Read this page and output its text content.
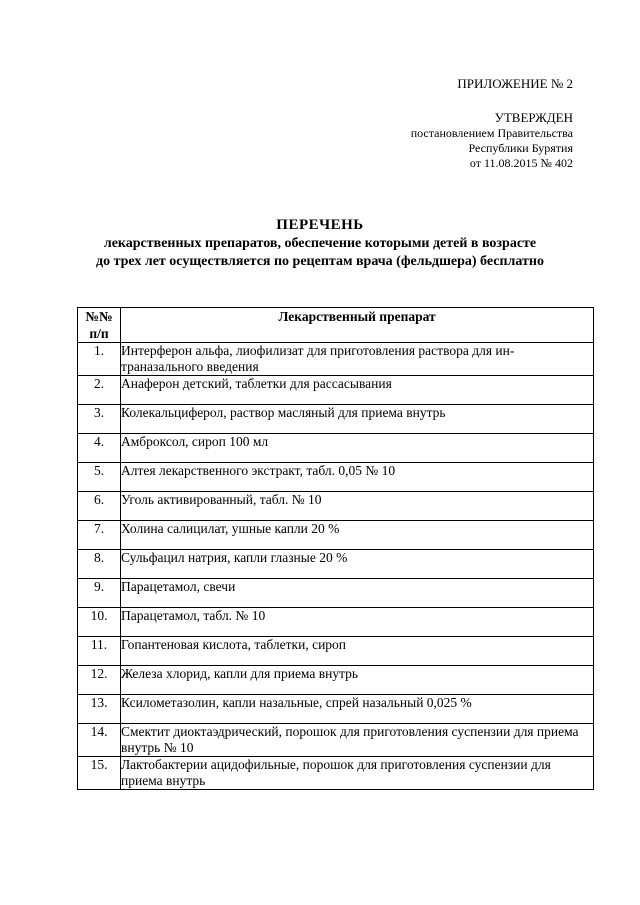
ПРИЛОЖЕНИЕ № 2
УТВЕРЖДЕН
постановлением Правительства
Республики Бурятия
от 11.08.2015 № 402
ПЕРЕЧЕНЬ
лекарственных препаратов, обеспечение которыми детей в возрасте
до трех лет осуществляется по рецептам врача (фельдшера) бесплатно
№№
п/п	Лекарственный препарат
1.	Интерферон альфа, лиофилизат для приготовления раствора для ин-траназального введения
2.	Анаферон детский, таблетки для рассасывания
3.	Колекальциферол, раствор масляный для приема внутрь
4.	Амброксол, сироп 100 мл
5.	Алтея лекарственного экстракт, табл. 0,05 № 10
6.	Уголь активированный, табл. № 10
7.	Холина салицилат, ушные капли 20 %
8.	Сульфацил натрия, капли глазные 20 %
9.	Парацетамол, свечи
10.	Парацетамол, табл. № 10
11.	Гопантеновая кислота, таблетки, сироп
12.	Железа хлорид, капли для приема внутрь
13.	Ксилометазолин, капли назальные, спрей назальный 0,025 %
14.	Смектит диоктаэдрический, порошок для приготовления суспензии для приема внутрь № 10
15.	Лактобактерии ацидофильные, порошок для приготовления суспензии для приема внутрь
